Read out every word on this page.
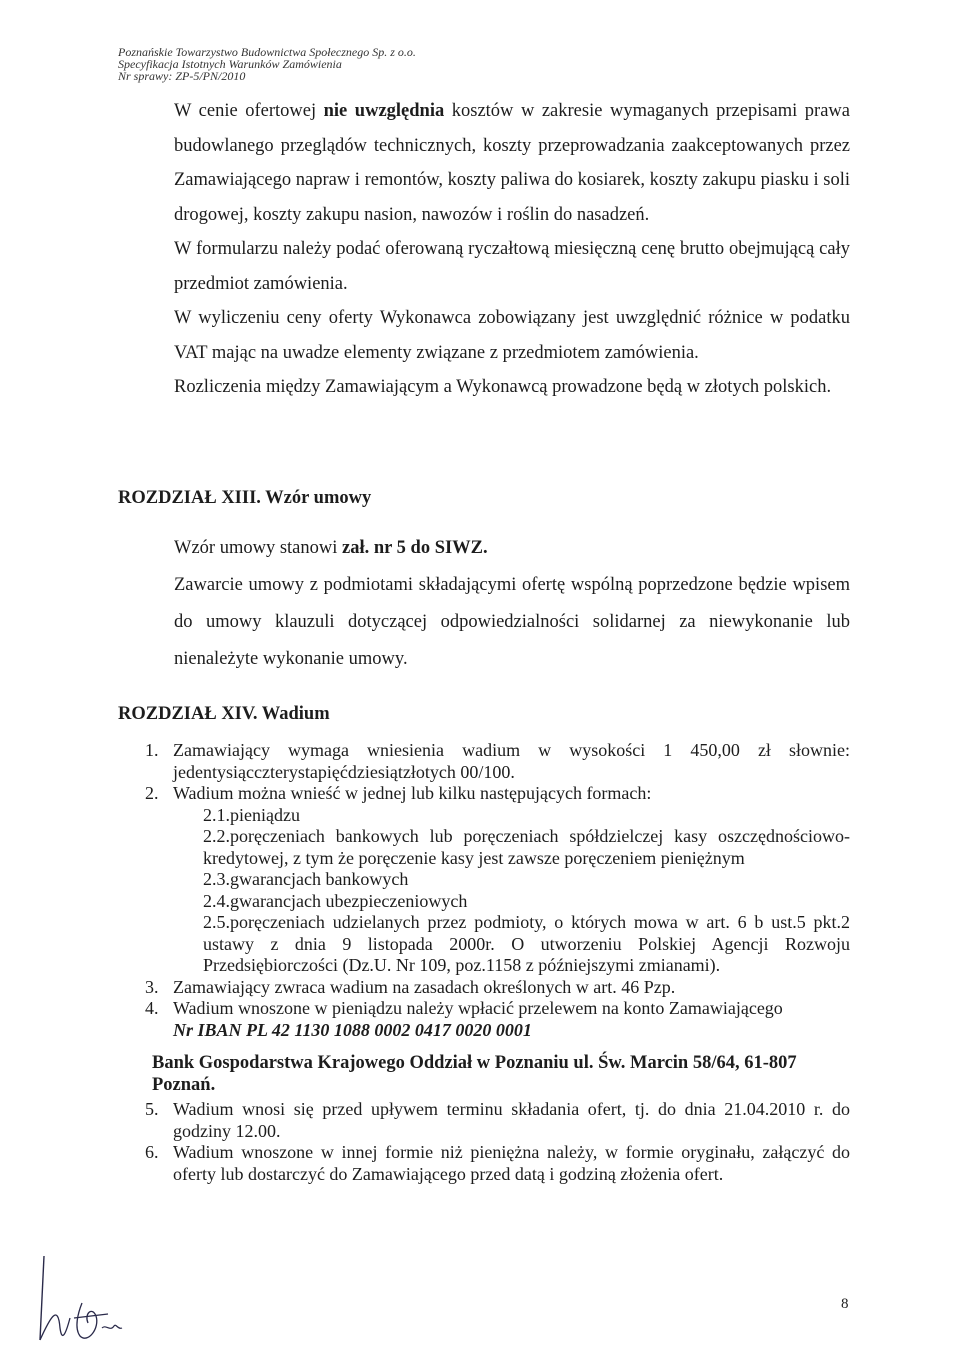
Poznańskie Towarzystwo Budownictwa Społecznego Sp. z o.o.
Specyfikacja Istotnych Warunków Zamówienia
Nr sprawy: ZP-5/PN/2010

W cenie ofertowej nie uwzględnia kosztów w zakresie wymaganych przepisami prawa budowlanego przeglądów technicznych, koszty przeprowadzania zaakceptowanych przez Zamawiającego napraw i remontów, koszty paliwa do kosiarek, koszty zakupu piasku i soli drogowej, koszty zakupu nasion, nawozów i roślin do nasadzeń.

W formularzu należy podać oferowaną ryczałtową miesięczną cenę brutto obejmującą cały przedmiot zamówienia.

W wyliczeniu ceny oferty Wykonawca zobowiązany jest uwzględnić różnice w podatku VAT mając na uwadze elementy związane z przedmiotem zamówienia.

Rozliczenia między Zamawiającym a Wykonawcą prowadzone będą w złotych polskich.

ROZDZIAŁ XIII. Wzór umowy

Wzór umowy stanowi zał. nr 5 do SIWZ.

Zawarcie umowy z podmiotami składającymi ofertę wspólną poprzedzone będzie wpisem do umowy klauzuli dotyczącej odpowiedzialności solidarnej za niewykonanie lub nienależyte wykonanie umowy.

ROZDZIAŁ XIV. Wadium
1. Zamawiający wymaga wniesienia wadium w wysokości 1 450,00 zł słownie: jedentysiącczterystapięćdziesiątzłotych 00/100.
2. Wadium można wnieść w jednej lub kilku następujących formach:
2.1.pieniądzu
2.2.poręczeniach bankowych lub poręczeniach spółdzielczej kasy oszczędnościowo-kredytowej, z tym że poręczenie kasy jest zawsze poręczeniem pieniężnym
2.3.gwarancjach bankowych
2.4.gwarancjach ubezpieczeniowych
2.5.poręczeniach udzielanych przez podmioty, o których mowa w art. 6 b ust.5 pkt.2 ustawy z dnia 9 listopada 2000r. O utworzeniu Polskiej Agencji Rozwoju Przedsiębiorczości (Dz.U. Nr 109, poz.1158 z późniejszymi zmianami).
3. Zamawiający zwraca wadium na zasadach określonych w art. 46 Pzp.
4. Wadium wnoszone w pieniądzu należy wpłacić przelewem na konto Zamawiającego
Nr IBAN PL 42 1130 1088 0002 0417 0020 0001
Bank Gospodarstwa Krajowego Oddział w Poznaniu ul. Św. Marcin 58/64, 61-807 Poznań.
5. Wadium wnosi się przed upływem terminu składania ofert, tj. do dnia 21.04.2010 r. do godziny 12.00.
6. Wadium wnoszone w innej formie niż pieniężna należy, w formie oryginału, załączyć do oferty lub dostarczyć do Zamawiającego przed datą i godziną złożenia ofert.
8
